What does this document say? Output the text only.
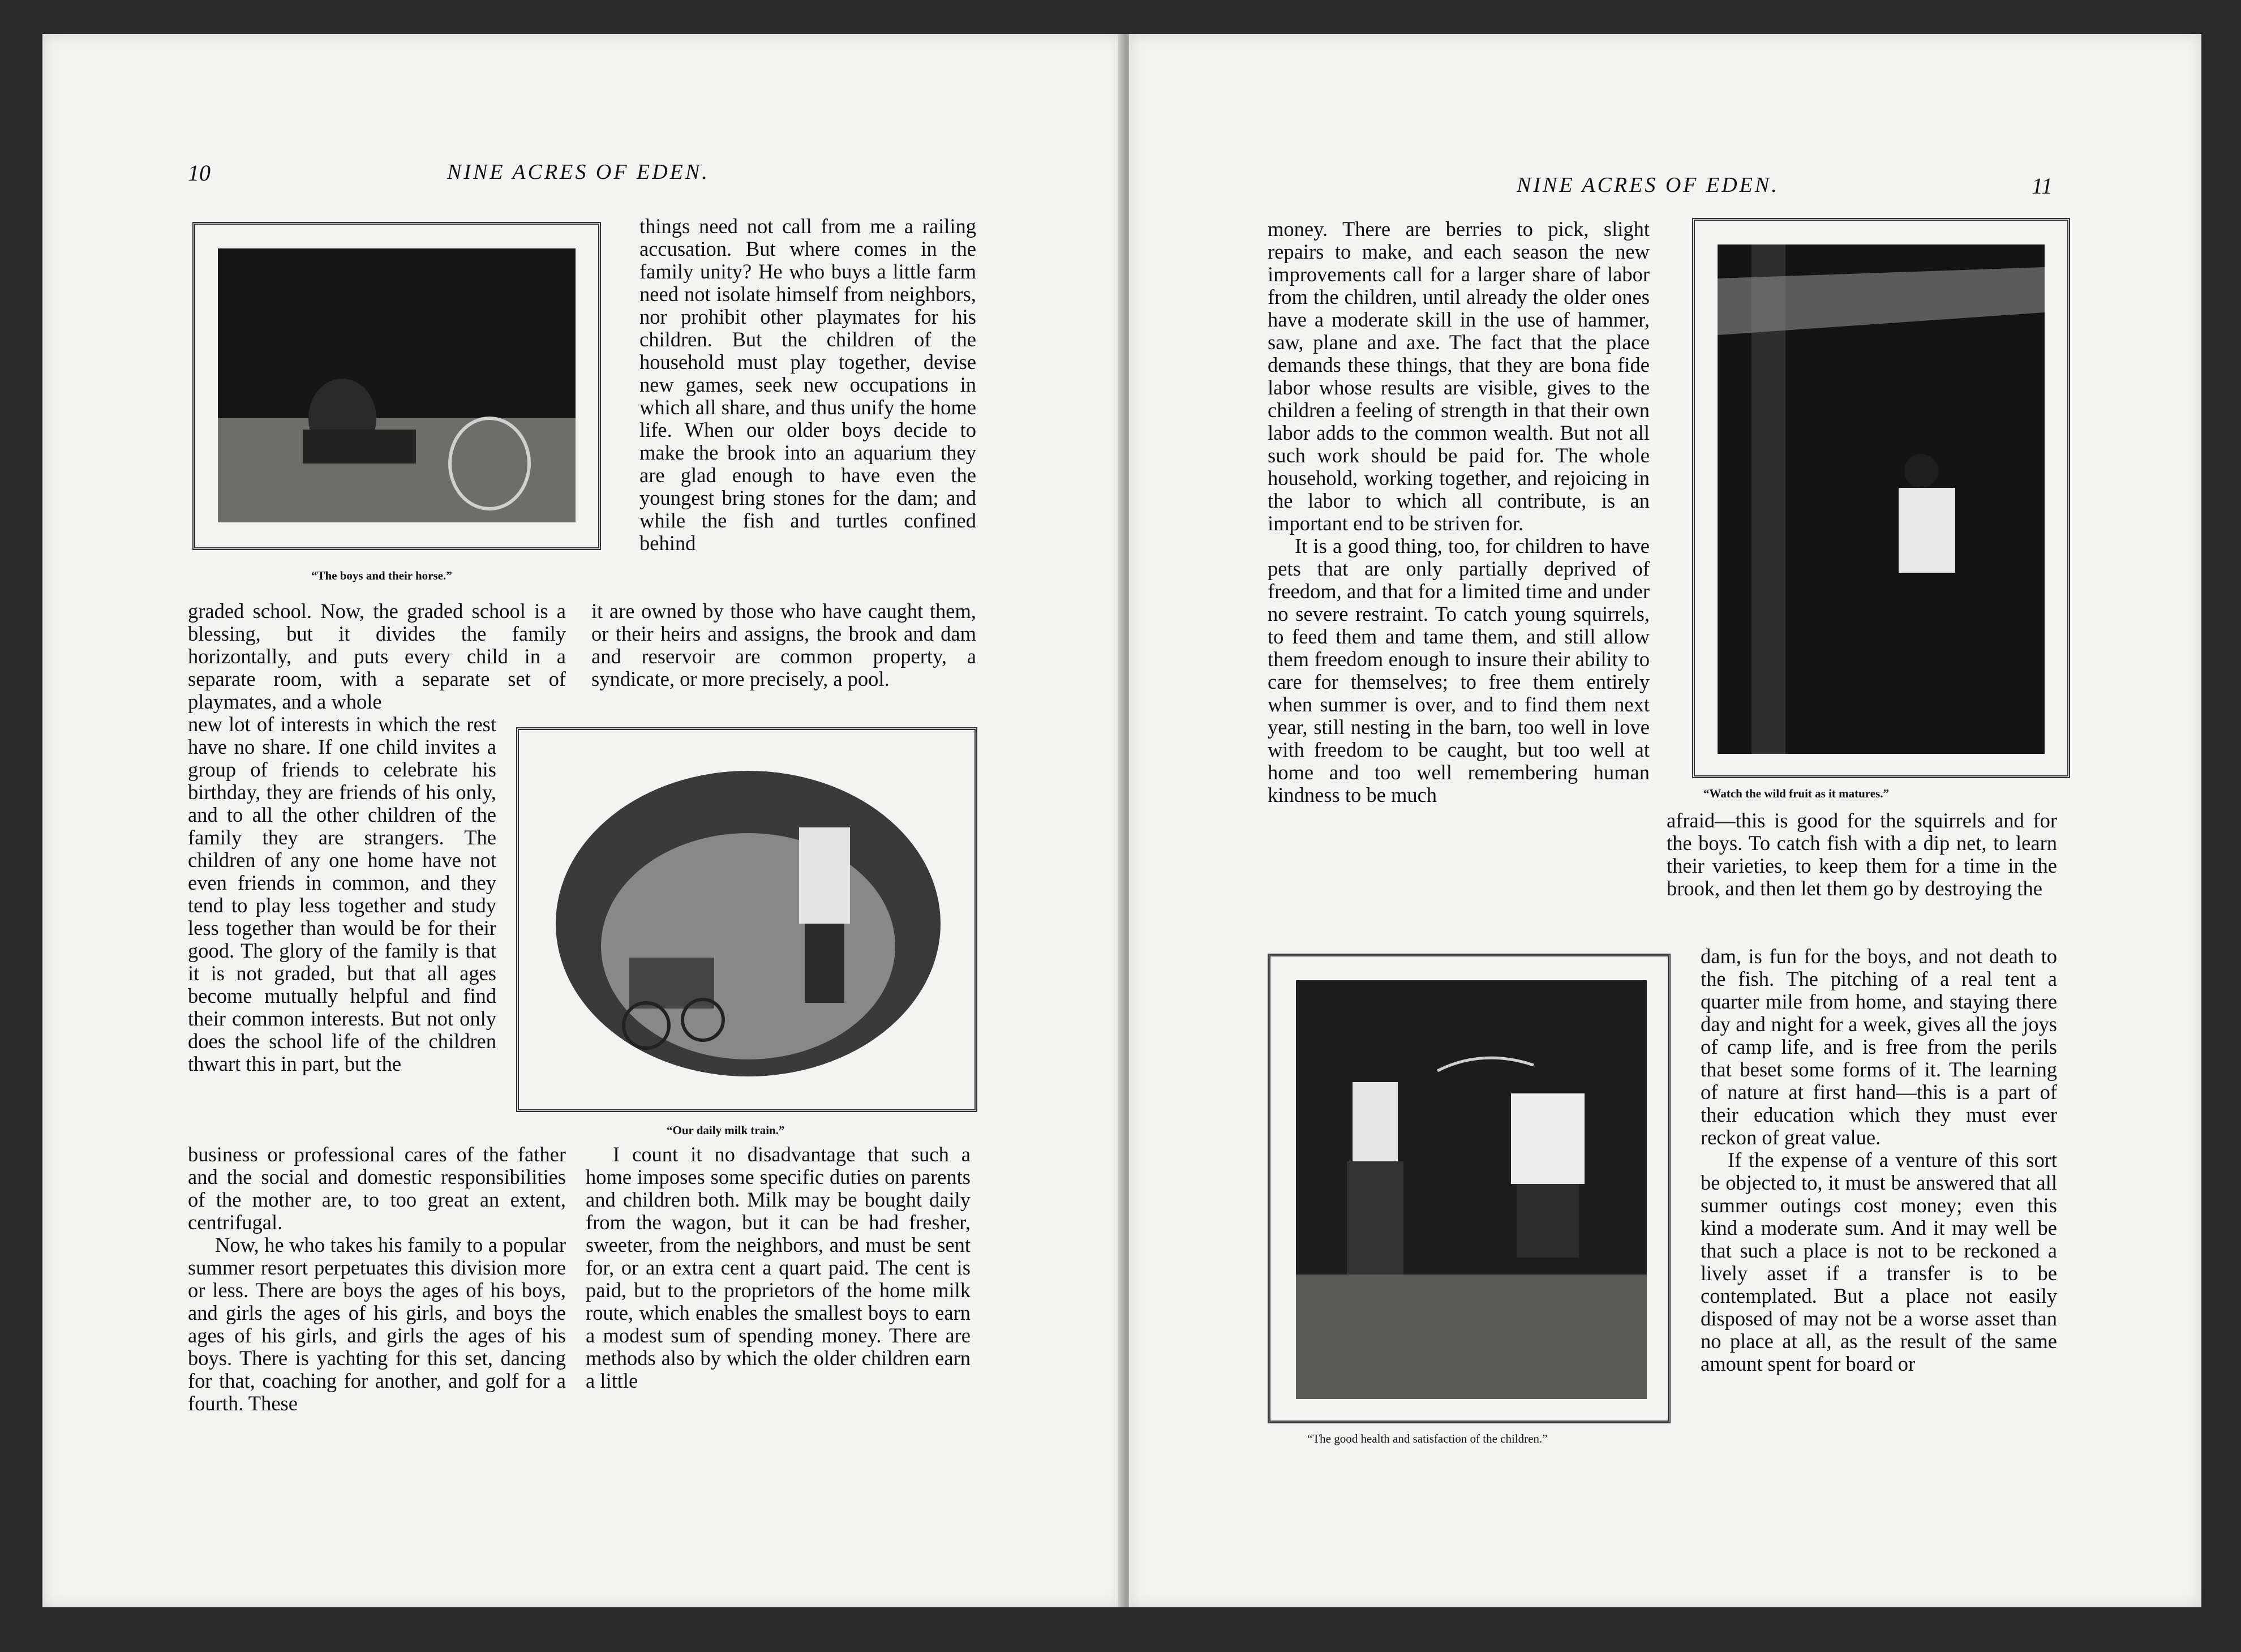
10	NINE ACRES OF EDEN.
“The boys and their horse.”

things need not call from me a railing accusation. But where comes in the family unity? He who buys a little farm need not isolate himself from neighbors, nor prohibit other playmates for his children. But the children of the household must play together, devise new games, seek new occupations in which all share, and thus unify the home life. When our older boys decide to make the brook into an aquarium they are glad enough to have even the youngest bring stones for the dam; and while the fish and turtles confined behind

graded school. Now, the graded school is a blessing, but it divides the family horizontally, and puts every child in a separate room, with a separate set of playmates, and a whole

it are owned by those who have caught them, or their heirs and assigns, the brook and dam and reservoir are common property, a syndicate, or more precisely, a pool.

new lot of interests in which the rest have no share. If one child invites a group of friends to celebrate his birthday, they are friends of his only, and to all the other children of the family they are strangers. The children of any one home have not even friends in common, and they tend to play less together and study less together than would be for their good. The glory of the family is that it is not graded, but that all ages become mutually helpful and find their common interests. But not only does the school life of the children thwart this in part, but the

“Our daily milk train.”

business or professional cares of the father and the social and domestic responsibilities of the mother are, to too great an extent, centrifugal.

Now, he who takes his family to a popular summer resort perpetuates this division more or less. There are boys the ages of his boys, and girls the ages of his girls, and boys the ages of his girls, and girls the ages of his boys. There is yachting for this set, dancing for that, coaching for another, and golf for a fourth. These

I count it no disadvantage that such a home imposes some specific duties on parents and children both. Milk may be bought daily from the wagon, but it can be had fresher, sweeter, from the neighbors, and must be sent for, or an extra cent a quart paid. The cent is paid, but to the proprietors of the home milk route, which enables the smallest boys to earn a modest sum of spending money. There are methods also by which the older children earn a little

NINE ACRES OF EDEN.	11

money. There are berries to pick, slight repairs to make, and each season the new improvements call for a larger share of labor from the children, until already the older ones have a moderate skill in the use of hammer, saw, plane and axe. The fact that the place demands these things, that they are bona fide labor whose results are visible, gives to the children a feeling of strength in that their own labor adds to the common wealth. But not all such work should be paid for. The whole household, working together, and rejoicing in the labor to which all contribute, is an important end to be striven for.

It is a good thing, too, for children to have pets that are only partially deprived of freedom, and that for a limited time and under no severe restraint. To catch young squirrels, to feed them and tame them, and still allow them freedom enough to insure their ability to care for themselves; to free them entirely when summer is over, and to find them next year, still nesting in the barn, too well in love with freedom to be caught, but too well at home and too well remembering human kindness to be much	“Watch the wild fruit as it matures.”

afraid—this is good for the squirrels and for the boys. To catch fish with a dip net, to learn their varieties, to keep them for a time in the brook, and then let them go by destroying the

“The good health and satisfaction of the children.”

dam, is fun for the boys, and not death to the fish. The pitching of a real tent a quarter mile from home, and staying there day and night for a week, gives all the joys of camp life, and is free from the perils that beset some forms of it. The learning of nature at first hand—this is a part of their education which they must ever reckon of great value.

If the expense of a venture of this sort be objected to, it must be answered that all summer outings cost money; even this kind a moderate sum. And it may well be that such a place is not to be reckoned a lively asset if a transfer is to be contemplated. But a place not easily disposed of may not be a worse asset than no place at all, as the result of the same amount spent for board or
